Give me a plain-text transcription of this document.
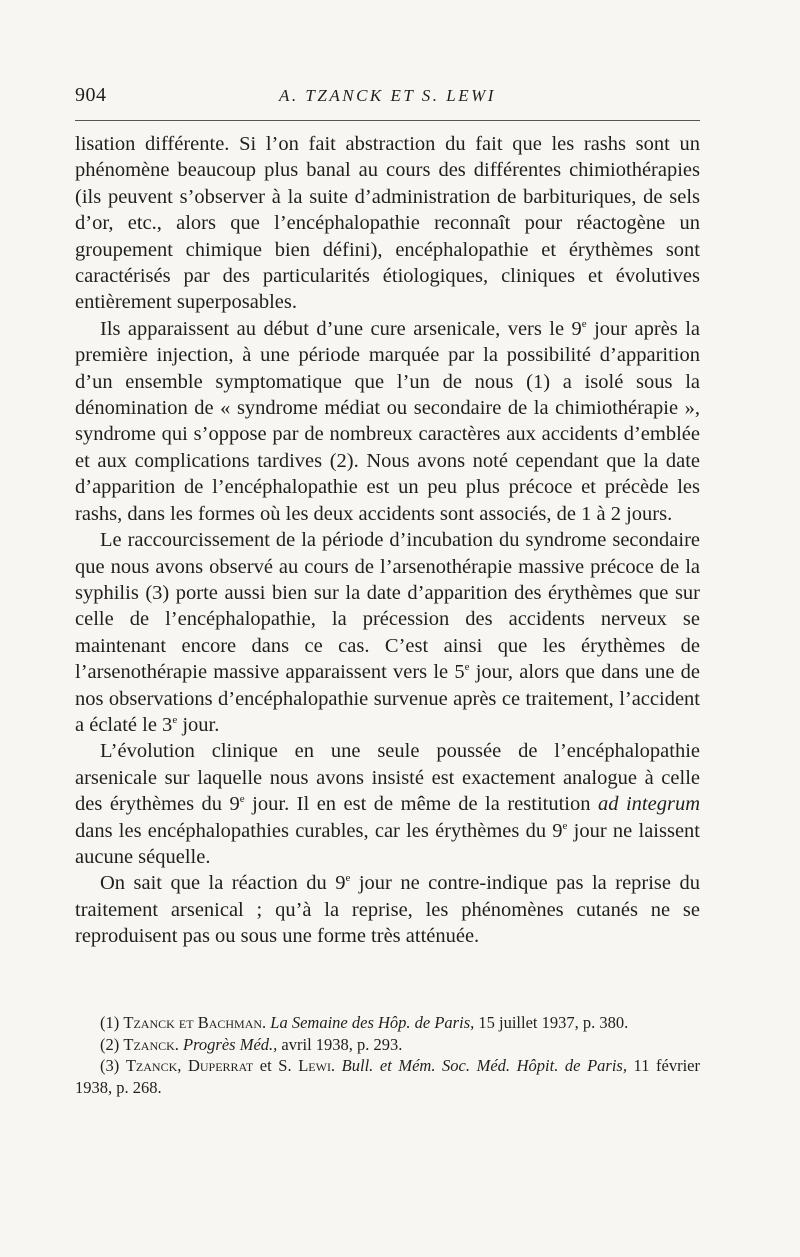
904	A. TZANCK ET S. LEWI

lisation différente. Si l’on fait abstraction du fait que les rashs sont un phénomène beaucoup plus banal au cours des différentes chimiothérapies (ils peuvent s’observer à la suite d’administration de barbituriques, de sels d’or, etc., alors que l’encéphalopathie reconnaît pour réactogène un groupement chimique bien défini), encéphalopathie et érythèmes sont caractérisés par des particularités étiologiques, cliniques et évolutives entièrement superposables.

Ils apparaissent au début d’une cure arsenicale, vers le 9e jour après la première injection, à une période marquée par la possibilité d’apparition d’un ensemble symptomatique que l’un de nous (1) a isolé sous la dénomination de « syndrome médiat ou secondaire de la chimiothérapie », syndrome qui s’oppose par de nombreux caractères aux accidents d’emblée et aux complications tardives (2). Nous avons noté cependant que la date d’apparition de l’encéphalopathie est un peu plus précoce et précède les rashs, dans les formes où les deux accidents sont associés, de 1 à 2 jours.

Le raccourcissement de la période d’incubation du syndrome secondaire que nous avons observé au cours de l’arsenothérapie massive précoce de la syphilis (3) porte aussi bien sur la date d’apparition des érythèmes que sur celle de l’encéphalopathie, la précession des accidents nerveux se maintenant encore dans ce cas. C’est ainsi que les érythèmes de l’arsenothérapie massive apparaissent vers le 5e jour, alors que dans une de nos observations d’encéphalopathie survenue après ce traitement, l’accident a éclaté le 3e jour.

L’évolution clinique en une seule poussée de l’encéphalopathie arsenicale sur laquelle nous avons insisté est exactement analogue à celle des érythèmes du 9e jour. Il en est de même de la restitution ad integrum dans les encéphalopathies curables, car les érythèmes du 9e jour ne laissent aucune séquelle.

On sait que la réaction du 9e jour ne contre-indique pas la reprise du traitement arsenical ; qu’à la reprise, les phénomènes cutanés ne se reproduisent pas ou sous une forme très atténuée.

(1) Tzanck et Bachman. La Semaine des Hôp. de Paris, 15 juillet 1937, p. 380.

(2) Tzanck. Progrès Méd., avril 1938, p. 293.

(3) Tzanck, Duperrat et S. Lewi. Bull. et Mém. Soc. Méd. Hôpit. de Paris, 11 février 1938, p. 268.
